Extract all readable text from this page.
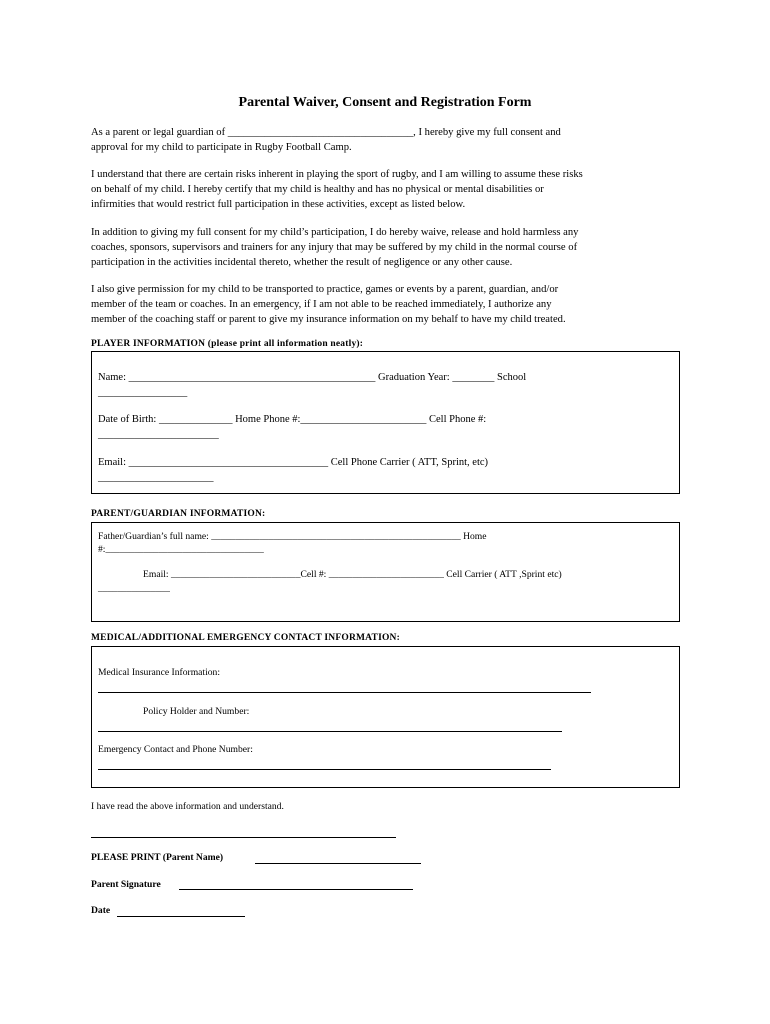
Parental Waiver, Consent and Registration Form
As a parent or legal guardian of ___________________________________, I hereby give my full consent and
approval for my child to participate in Rugby Football Camp.
I understand that there are certain risks inherent in playing the sport of rugby, and I am willing to assume these risks
on behalf of my child. I hereby certify that my child is healthy and has no physical or mental disabilities or
infirmities that would restrict full participation in these activities, except as listed below.
In addition to giving my full consent for my child’s participation, I do hereby waive, release and hold harmless any
coaches, sponsors, supervisors and trainers for any injury that may be suffered by my child in the normal course of
participation in the activities incidental thereto, whether the result of negligence or any other cause.
I also give permission for my child to be transported to practice, games or events by a parent, guardian, and/or
member of the team or coaches. In an emergency, if I am not able to be reached immediately, I authorize any
member of the coaching staff or parent to give my insurance information on my behalf to have my child treated.
PLAYER INFORMATION (please print all information neatly):
Name: _______________________________________________ Graduation Year: ________ School
_________________
Date of Birth: ______________ Home Phone #:________________________ Cell Phone #:
_______________________
Email: ______________________________________ Cell Phone Carrier ( ATT, Sprint, etc)
______________________
PARENT/GUARDIAN INFORMATION:
Father/Guardian’s full name: ____________________________________________________ Home
#:_________________________________
Email: ___________________________Cell #: ________________________ Cell Carrier ( ATT ,Sprint etc)
_______________
MEDICAL/ADDITIONAL EMERGENCY CONTACT INFORMATION:
Medical Insurance Information:
Policy Holder and Number:
Emergency Contact and Phone Number:
I have read the above information and understand.
PLEASE PRINT (Parent Name)
Parent Signature
Date
